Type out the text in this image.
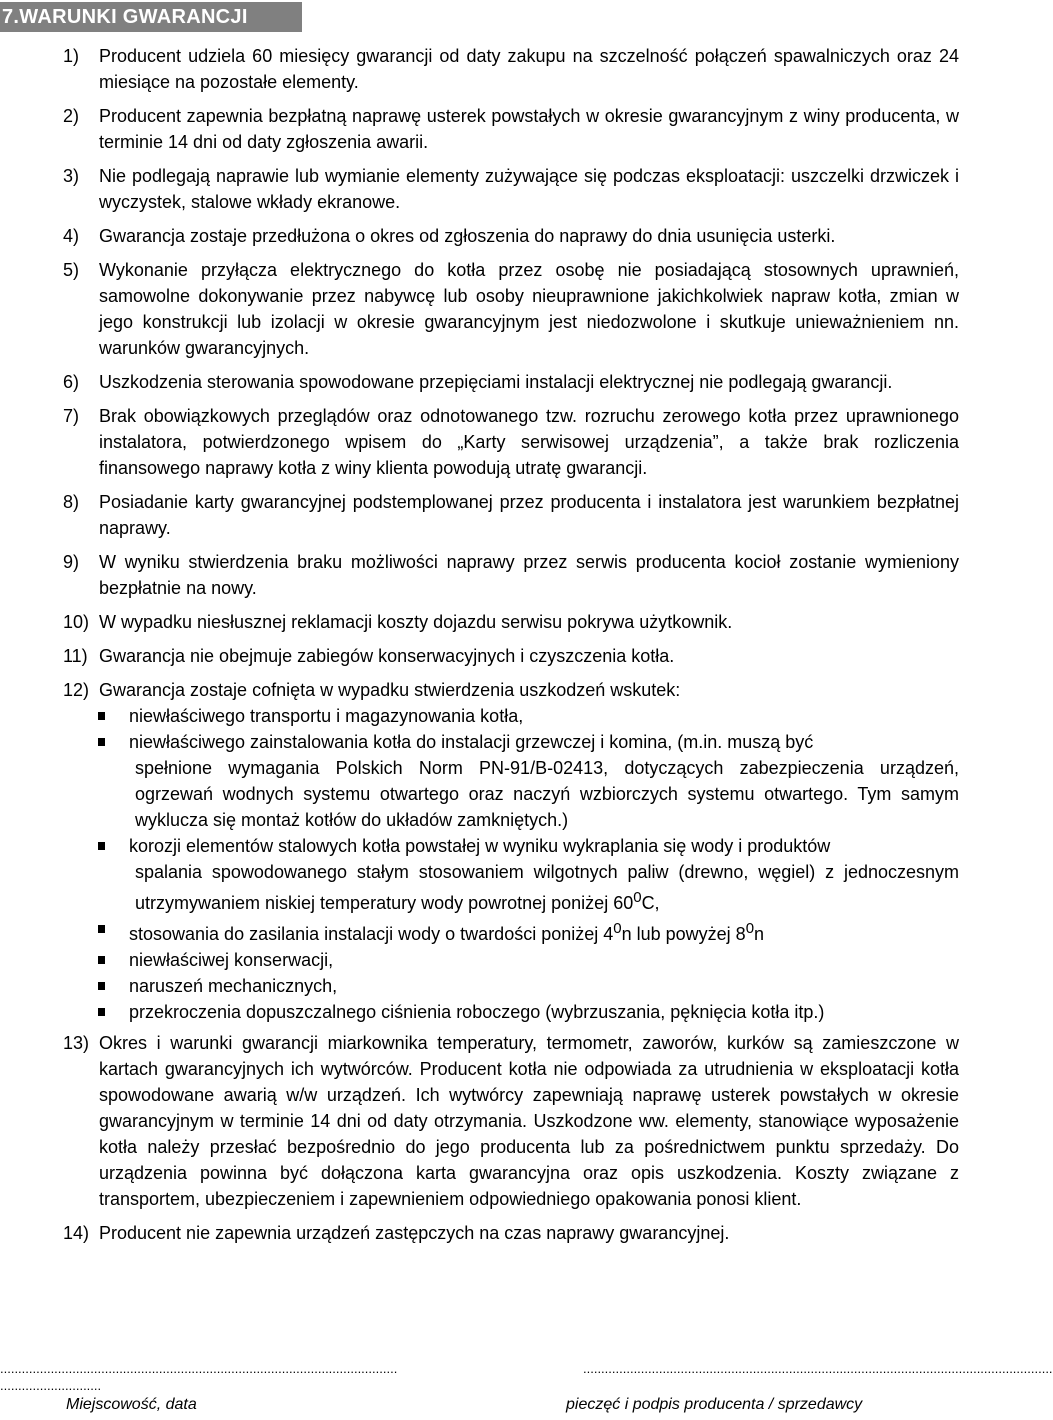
7.WARUNKI GWARANCJI
1) Producent udziela 60 miesięcy gwarancji od daty zakupu na szczelność połączeń spawalniczych oraz 24 miesiące na pozostałe elementy.
2) Producent zapewnia bezpłatną naprawę usterek powstałych w okresie gwarancyjnym z winy producenta, w terminie 14 dni od daty zgłoszenia awarii.
3) Nie podlegają naprawie lub wymianie elementy zużywające się podczas eksploatacji: uszczelki drzwiczek i wyczystek, stalowe wkłady ekranowe.
4) Gwarancja zostaje przedłużona o okres od zgłoszenia do naprawy do dnia usunięcia usterki.
5) Wykonanie przyłącza elektrycznego do kotła przez osobę nie posiadającą stosownych uprawnień, samowolne dokonywanie przez nabywcę lub osoby nieuprawnione jakichkolwiek napraw kotła, zmian w jego konstrukcji lub izolacji w okresie gwarancyjnym jest niedozwolone i skutkuje unieważnieniem nn. warunków gwarancyjnych.
6) Uszkodzenia sterowania spowodowane przepięciami instalacji elektrycznej nie podlegają gwarancji.
7) Brak obowiązkowych przeglądów oraz odnotowanego tzw. rozruchu zerowego kotła przez uprawnionego instalatora, potwierdzonego wpisem do „Karty serwisowej urządzenia”, a także brak rozliczenia finansowego naprawy kotła z winy klienta powodują utratę gwarancji.
8) Posiadanie karty gwarancyjnej podstemplowanej przez producenta i instalatora jest warunkiem bezpłatnej naprawy.
9) W wyniku stwierdzenia braku możliwości naprawy przez serwis producenta kocioł zostanie wymieniony bezpłatnie na nowy.
10) W wypadku niesłusznej reklamacji koszty dojazdu serwisu pokrywa użytkownik.
11) Gwarancja nie obejmuje zabiegów konserwacyjnych i czyszczenia kotła.
12) Gwarancja zostaje cofnięta w wypadku stwierdzenia uszkodzeń wskutek:
niewłaściwego transportu i magazynowania kotła,
niewłaściwego zainstalowania kotła do instalacji grzewczej i komina, (m.in. muszą być
spełnione wymagania Polskich Norm PN-91/B-02413, dotyczących zabezpieczenia urządzeń, ogrzewań wodnych systemu otwartego oraz naczyń wzbiorczych systemu otwartego. Tym samym wyklucza się montaż kotłów do układów zamkniętych.)
korozji elementów stalowych kotła powstałej w wyniku wykraplania się wody i produktów
spalania spowodowanego stałym stosowaniem wilgotnych paliw (drewno, węgiel) z jednoczesnym utrzymywaniem niskiej temperatury wody powrotnej poniżej $60^0C$,
stosowania do zasilania instalacji wody o twardości poniżej $4^0n$ lub powyżej $8^0n$
niewłaściwej konserwacji,
naruszeń mechanicznych,
przekroczenia dopuszczalnego ciśnienia roboczego (wybrzuszania, pęknięcia kotła itp.)
13) Okres i warunki gwarancji miarkownika temperatury, termometr, zaworów, kurków są zamieszczone w kartach gwarancyjnych ich wytwórców. Producent kotła nie odpowiada za utrudnienia w eksploatacji kotła spowodowane awarią w/w urządzeń. Ich wytwórcy zapewniają naprawę usterek powstałych w okresie gwarancyjnym w terminie 14 dni od daty otrzymania. Uszkodzone ww. elementy, stanowiące wyposażenie kotła należy przesłać bezpośrednio do jego producenta lub za pośrednictwem punktu sprzedaży. Do urządzenia powinna być dołączona karta gwarancyjna oraz opis uszkodzenia. Koszty związane z transportem, ubezpieczeniem i zapewnieniem odpowiedniego opakowania ponosi klient.
14) Producent nie zapewnia urządzeń zastępczych na czas naprawy gwarancyjnej.
..............................................................................................................
............................
..................................................................................................................................
Miejscowość, data	pieczęć i podpis producenta / sprzedawcy
